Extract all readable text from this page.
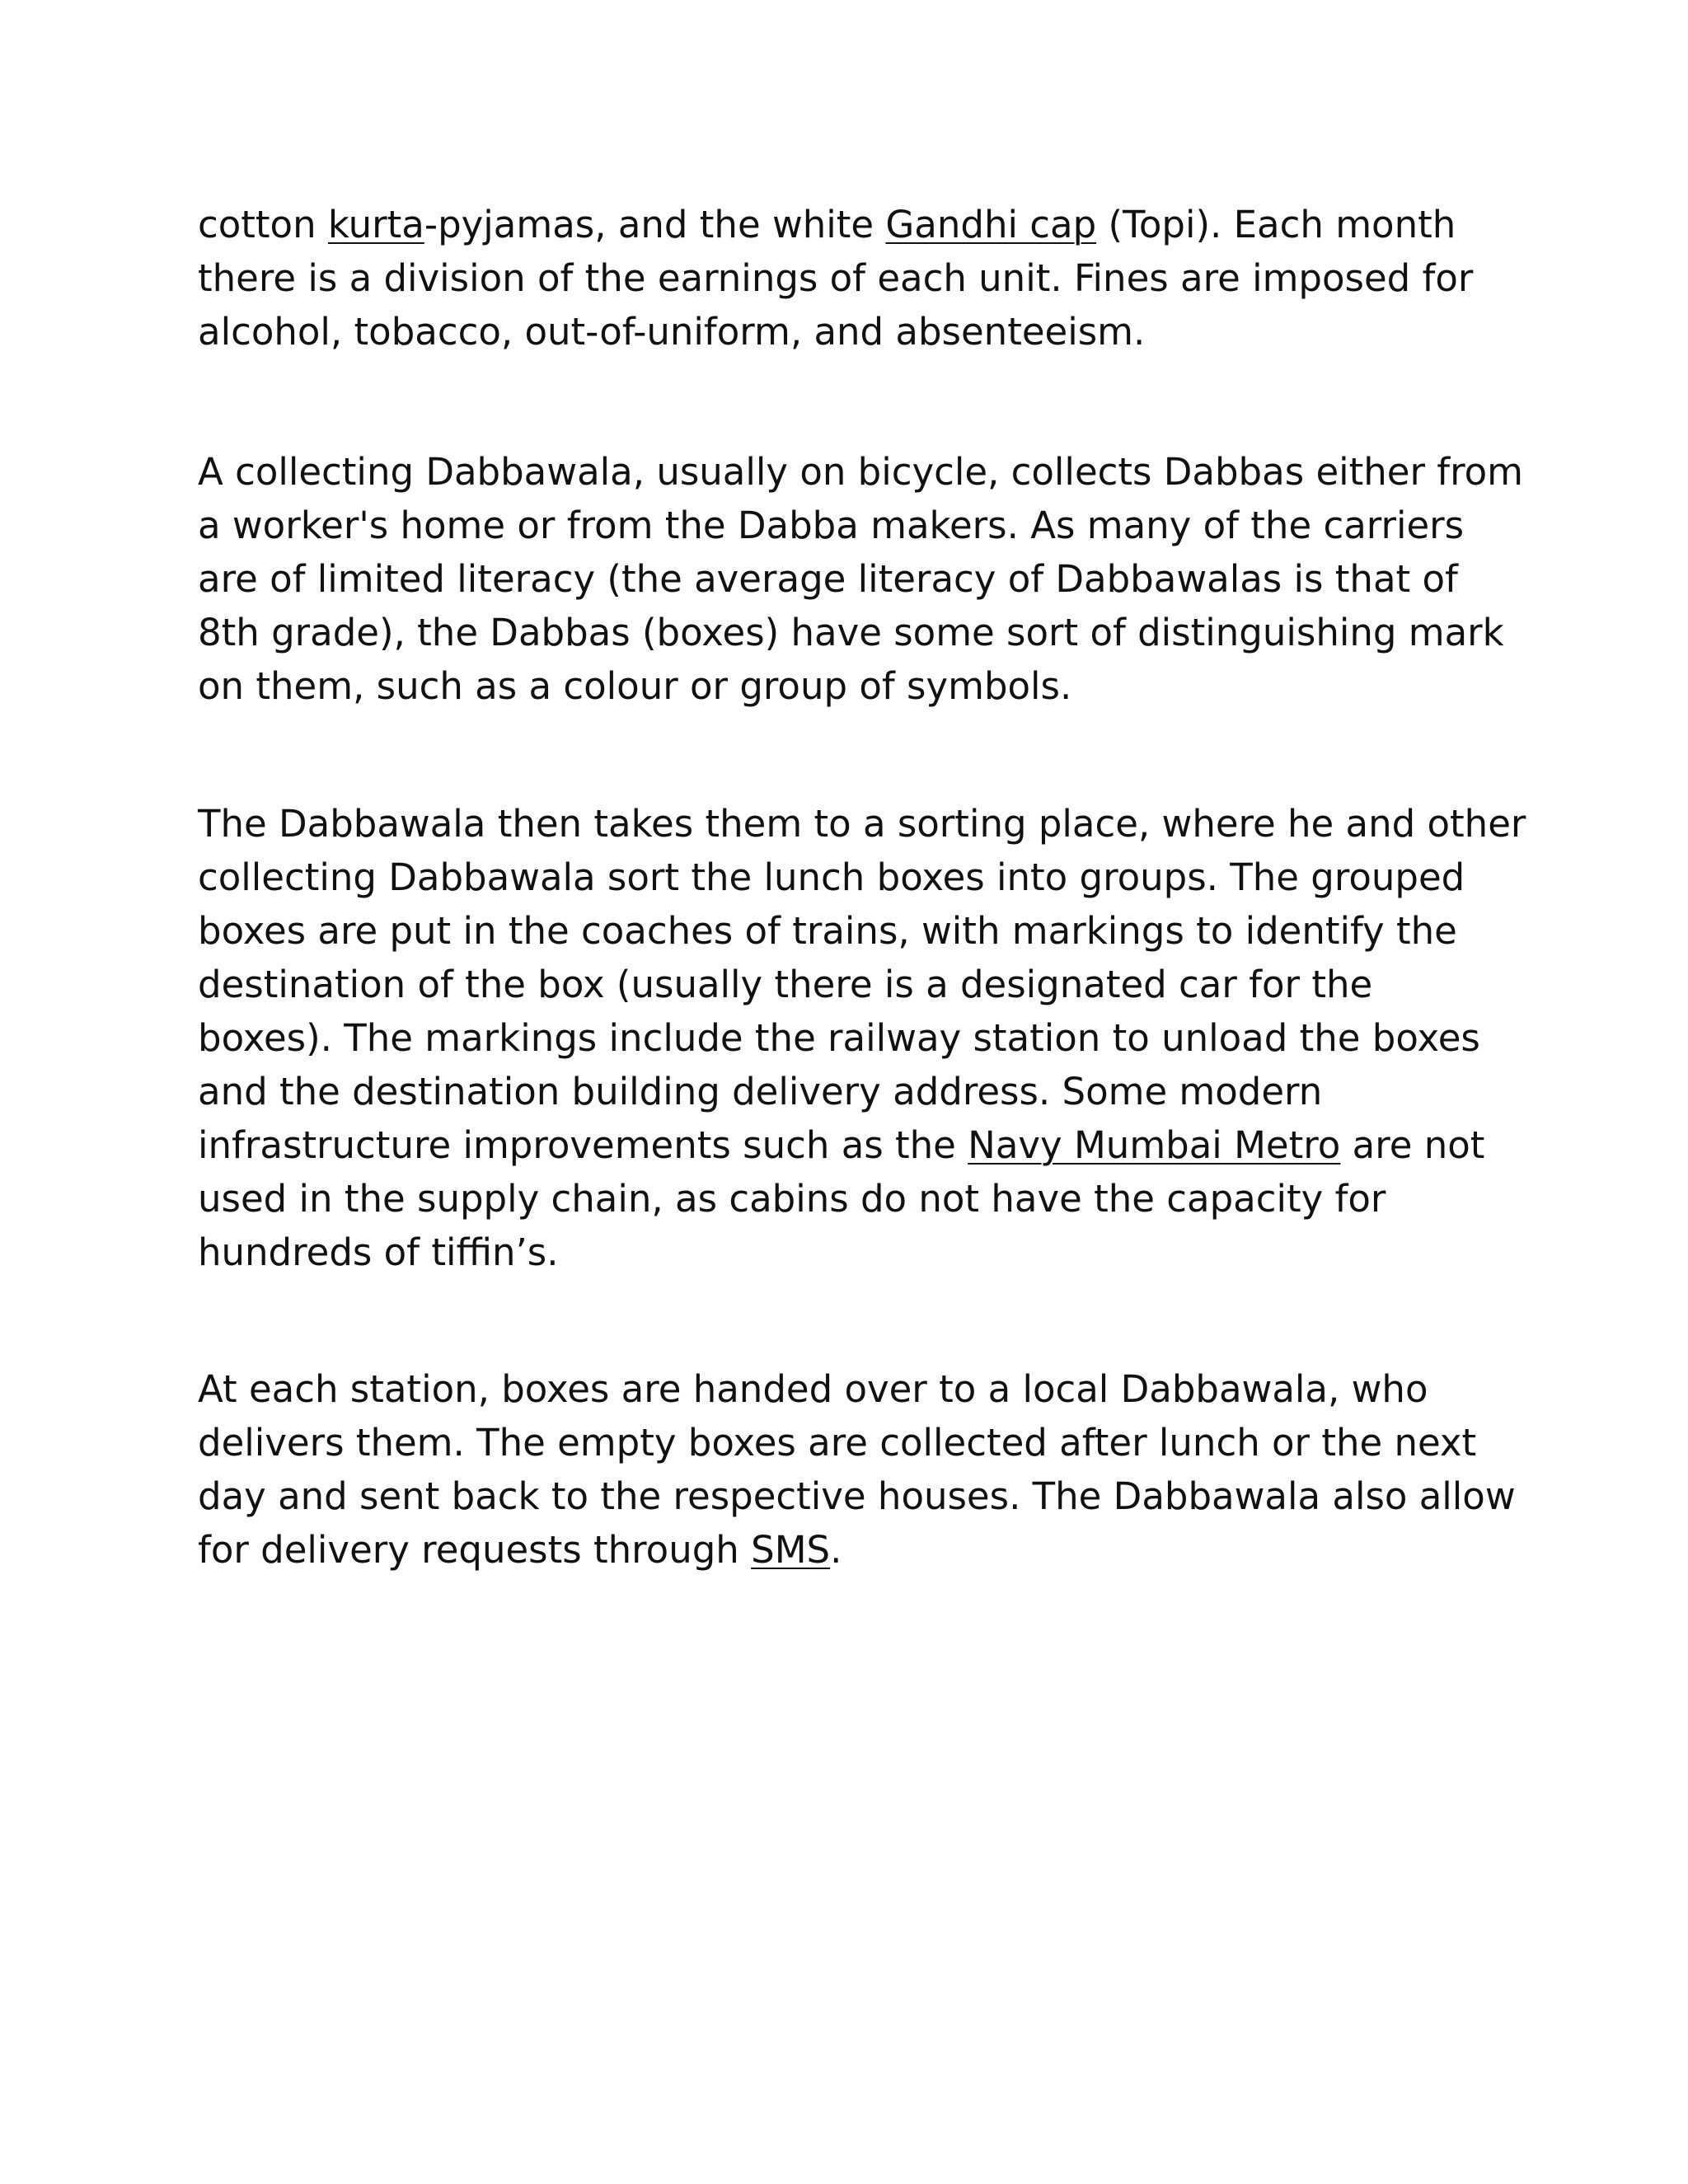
cotton kurta-pyjamas, and the white Gandhi cap (Topi). Each month
there is a division of the earnings of each unit. Fines are imposed for
alcohol, tobacco, out-of-uniform, and absenteeism.

A collecting Dabbawala, usually on bicycle, collects Dabbas either from
a worker's home or from the Dabba makers. As many of the carriers
are of limited literacy (the average literacy of Dabbawalas is that of
8th grade), the Dabbas (boxes) have some sort of distinguishing mark
on them, such as a colour or group of symbols.

The Dabbawala then takes them to a sorting place, where he and other
collecting Dabbawala sort the lunch boxes into groups. The grouped
boxes are put in the coaches of trains, with markings to identify the
destination of the box (usually there is a designated car for the
boxes). The markings include the railway station to unload the boxes
and the destination building delivery address. Some modern
infrastructure improvements such as the Navy Mumbai Metro are not
used in the supply chain, as cabins do not have the capacity for
hundreds of tiffin’s.

At each station, boxes are handed over to a local Dabbawala, who
delivers them. The empty boxes are collected after lunch or the next
day and sent back to the respective houses. The Dabbawala also allow
for delivery requests through SMS.
